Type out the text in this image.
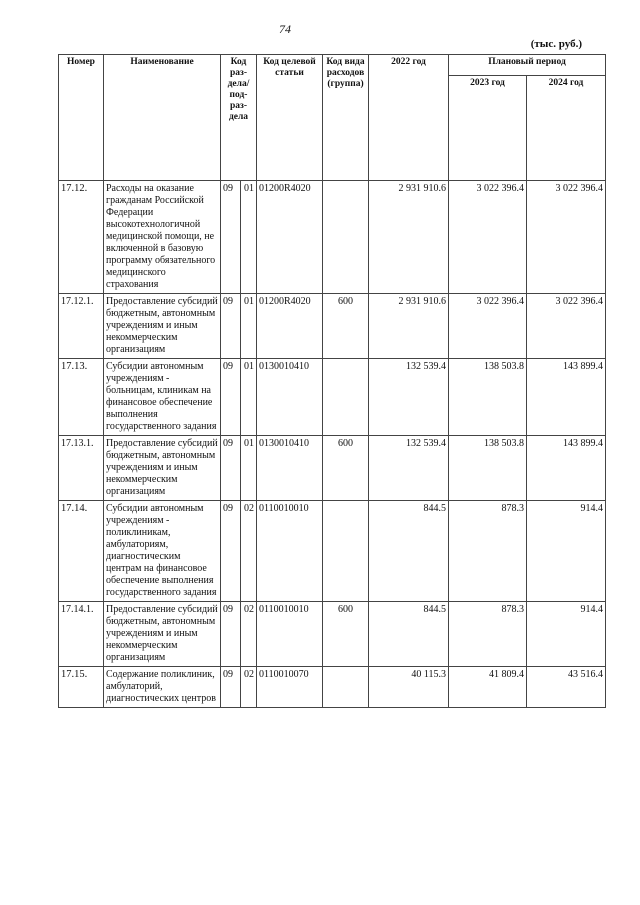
74
(тыс. руб.)
Номер	Наименование	Код раз-дела/ под-раз-дела		Код целевой статьи	Код вида расходов (группа)	2022 год	Плановый период	
							2023 год	2024 год
17.12.	Расходы на оказание гражданам Российской Федерации высокотехнологичной медицинской помощи, не включенной в базовую программу обязательного медицинского страхования	09	01	01200R4020		2 931 910.6	3 022 396.4	3 022 396.4
17.12.1.	Предоставление субсидий бюджетным, автономным учреждениям и иным некоммерческим организациям	09	01	01200R4020	600	2 931 910.6	3 022 396.4	3 022 396.4
17.13.	Субсидии автономным учреждениям - больницам, клиникам на финансовое обеспечение выполнения государственного задания	09	01	0130010410		132 539.4	138 503.8	143 899.4
17.13.1.	Предоставление субсидий бюджетным, автономным учреждениям и иным некоммерческим организациям	09	01	0130010410	600	132 539.4	138 503.8	143 899.4
17.14.	Субсидии автономным учреждениям - поликлиникам, амбулаториям, диагностическим центрам на финансовое обеспечение выполнения государственного задания	09	02	0110010010		844.5	878.3	914.4
17.14.1.	Предоставление субсидий бюджетным, автономным учреждениям и иным некоммерческим организациям	09	02	0110010010	600	844.5	878.3	914.4
17.15.	Содержание поликлиник, амбулаторий, диагностических центров	09	02	0110010070		40 115.3	41 809.4	43 516.4
